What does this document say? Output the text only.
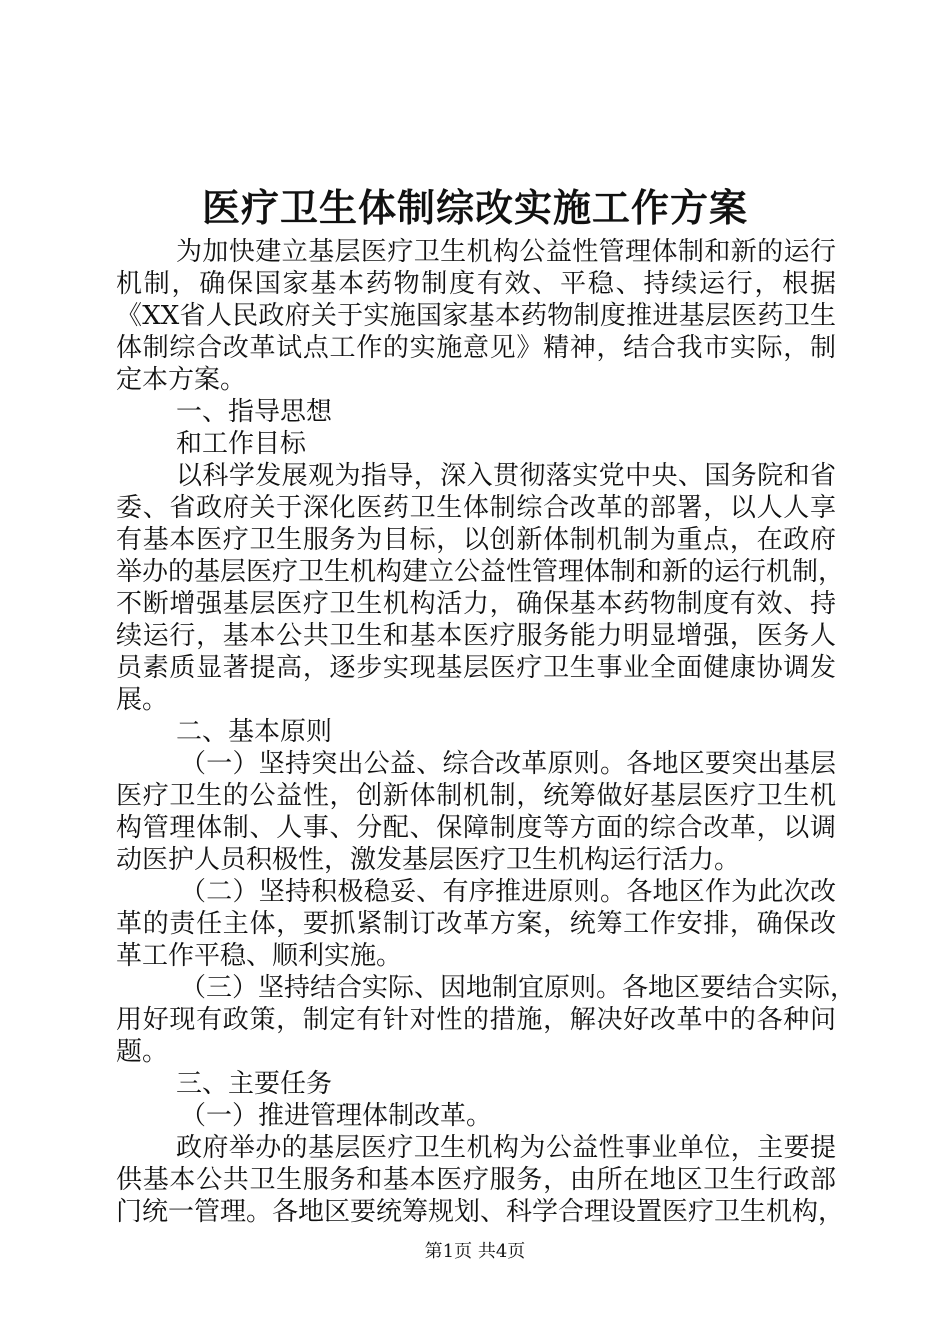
医疗卫生体制综改实施工作方案
为加快建立基层医疗卫生机构公益性管理体制和新的运行
机制，确保国家基本药物制度有效、平稳、持续运行，根据
《XX省人民政府关于实施国家基本药物制度推进基层医药卫生
体制综合改革试点工作的实施意见》精神，结合我市实际，制
定本方案。
一、指导思想
和工作目标
以科学发展观为指导，深入贯彻落实党中央、国务院和省
委、省政府关于深化医药卫生体制综合改革的部署，以人人享
有基本医疗卫生服务为目标，以创新体制机制为重点，在政府
举办的基层医疗卫生机构建立公益性管理体制和新的运行机制，
不断增强基层医疗卫生机构活力，确保基本药物制度有效、持
续运行，基本公共卫生和基本医疗服务能力明显增强，医务人
员素质显著提高，逐步实现基层医疗卫生事业全面健康协调发
展。
二、基本原则
（一）坚持突出公益、综合改革原则。各地区要突出基层
医疗卫生的公益性，创新体制机制，统筹做好基层医疗卫生机
构管理体制、人事、分配、保障制度等方面的综合改革，以调
动医护人员积极性，激发基层医疗卫生机构运行活力。
（二）坚持积极稳妥、有序推进原则。各地区作为此次改
革的责任主体，要抓紧制订改革方案，统筹工作安排，确保改
革工作平稳、顺利实施。
（三）坚持结合实际、因地制宜原则。各地区要结合实际，
用好现有政策，制定有针对性的措施，解决好改革中的各种问
题。
三、主要任务
（一）推进管理体制改革。
政府举办的基层医疗卫生机构为公益性事业单位，主要提
供基本公共卫生服务和基本医疗服务，由所在地区卫生行政部
门统一管理。各地区要统筹规划、科学合理设置医疗卫生机构，
第1页 共4页
